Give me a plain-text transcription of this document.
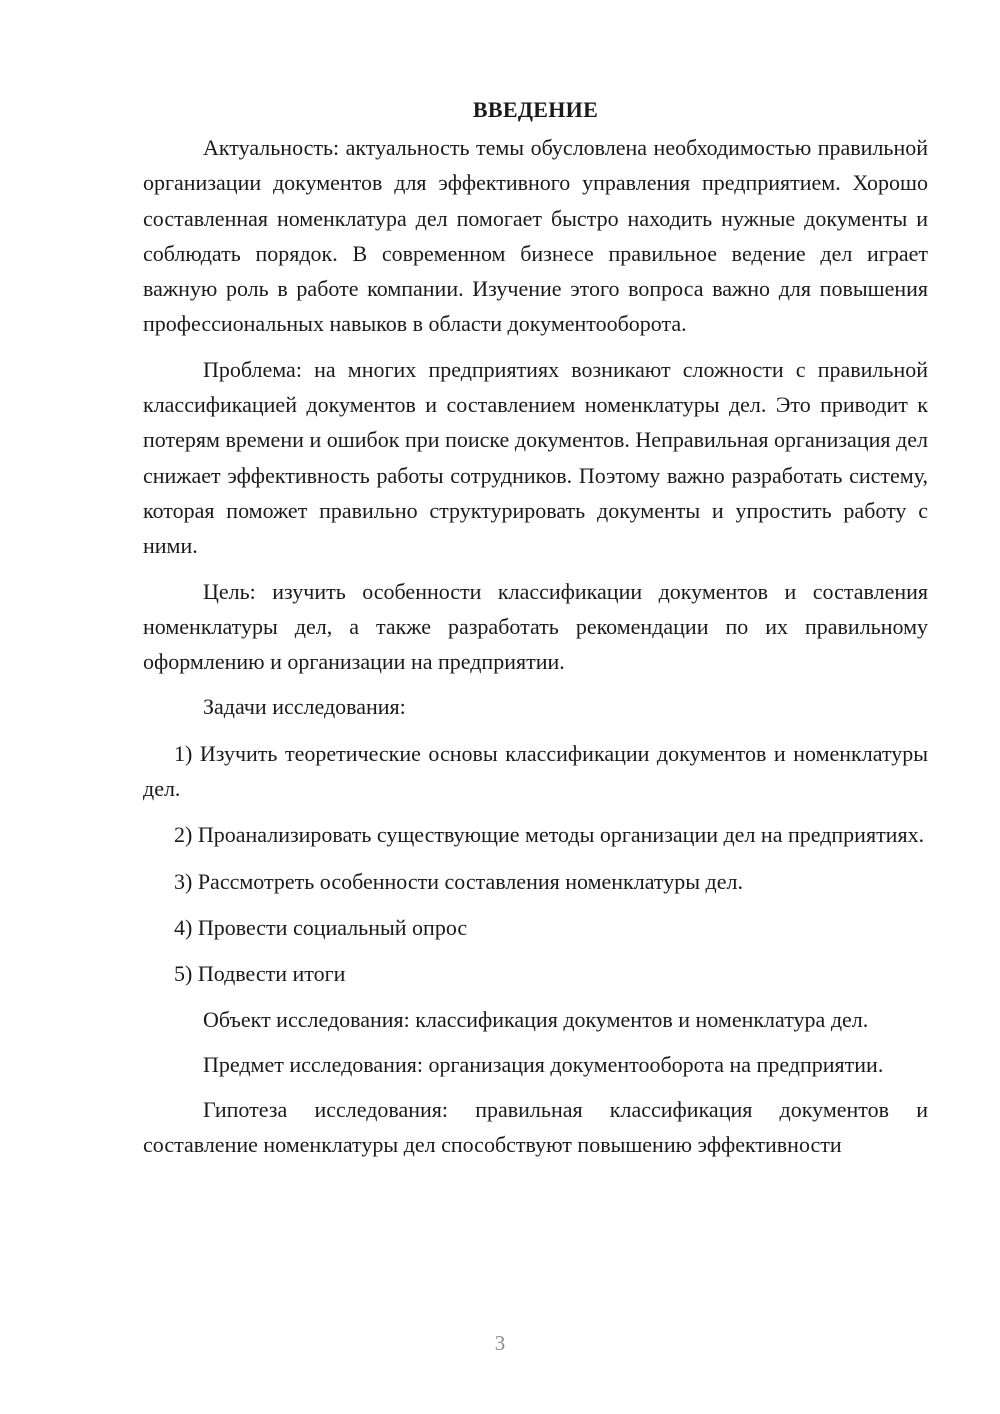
ВВЕДЕНИЕ

Актуальность: актуальность темы обусловлена необходимостью правильной организации документов для эффективного управления предприятием. Хорошо составленная номенклатура дел помогает быстро находить нужные документы и соблюдать порядок. В современном бизнесе правильное ведение дел играет важную роль в работе компании. Изучение этого вопроса важно для повышения профессиональных навыков в области документооборота.

Проблема: на многих предприятиях возникают сложности с правильной классификацией документов и составлением номенклатуры дел. Это приводит к потерям времени и ошибок при поиске документов. Неправильная организация дел снижает эффективность работы сотрудников. Поэтому важно разработать систему, которая поможет правильно структурировать документы и упростить работу с ними.

Цель: изучить особенности классификации документов и составления номенклатуры дел, а также разработать рекомендации по их правильному оформлению и организации на предприятии.

Задачи исследования:

1) Изучить теоретические основы классификации документов и номенклатуры дел.

2) Проанализировать существующие методы организации дел на предприятиях.

3) Рассмотреть особенности составления номенклатуры дел.

4) Провести социальный опрос

5) Подвести итоги

Объект исследования: классификация документов и номенклатура дел.

Предмет исследования: организация документооборота на предприятии.

Гипотеза исследования: правильная классификация документов и составление номенклатуры дел способствуют повышению эффективности

3
